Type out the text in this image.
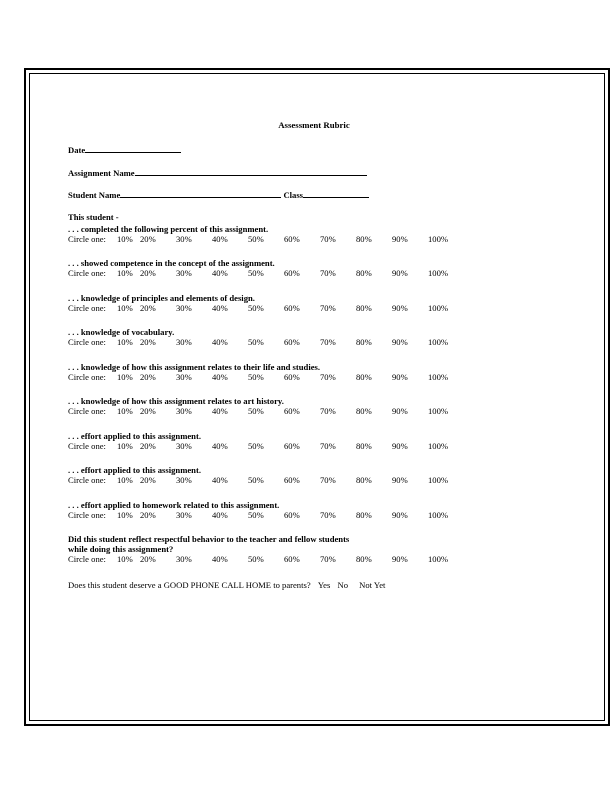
Assessment Rubric
Date
Assignment Name
Student Name	Class
This student -
. . . completed the following percent of this assignment.
Circle one: 10% 20% 30% 40% 50% 60% 70% 80% 90% 100%
. . . showed competence in the concept of the assignment.
Circle one: 10% 20% 30% 40% 50% 60% 70% 80% 90% 100%
. . . knowledge of principles and elements of design.
Circle one: 10% 20% 30% 40% 50% 60% 70% 80% 90% 100%
. . . knowledge of vocabulary.
Circle one: 10% 20% 30% 40% 50% 60% 70% 80% 90% 100%
. . . knowledge of how this assignment relates to their life and studies.
Circle one: 10% 20% 30% 40% 50% 60% 70% 80% 90% 100%
. . . knowledge of how this assignment relates to art history.
Circle one: 10% 20% 30% 40% 50% 60% 70% 80% 90% 100%
. . . effort applied to this assignment.
Circle one: 10% 20% 30% 40% 50% 60% 70% 80% 90% 100%
. . . effort applied to this assignment.
Circle one: 10% 20% 30% 40% 50% 60% 70% 80% 90% 100%
. . . effort applied to homework related to this assignment.
Circle one: 10% 20% 30% 40% 50% 60% 70% 80% 90% 100%
Did this student reflect respectful behavior to the teacher and fellow students
while doing this assignment?
Circle one: 10% 20% 30% 40% 50% 60% 70% 80% 90% 100%
Does this student deserve a GOOD PHONE CALL HOME to parents? Yes No Not Yet
